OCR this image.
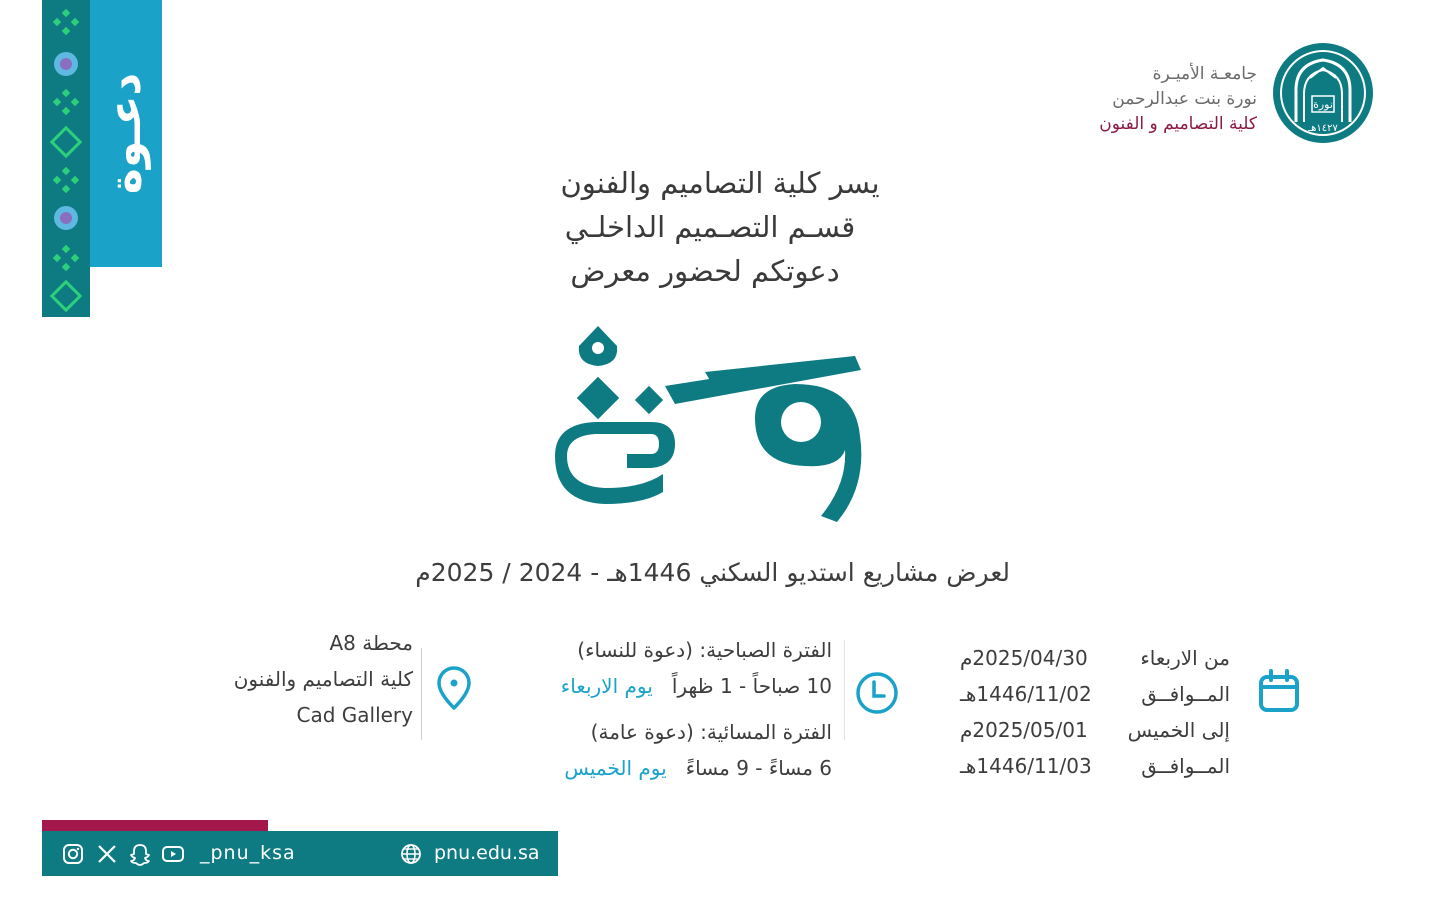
دعـوة	جامعـة الأميـرة
نورة بنت عبدالرحمن
كلية التصاميم و الفنون
نورة
١٤٢٧هـ
يسر كلية التصاميم والفنون
قسـم التصـميم الداخلـي
دعوتكم لحضور معرض
لعرض مشاريع استديو السكني 1446هـ - 2024 / 2025م
من الاربعاء
2025/04/30م
المــوافــق
1446/11/02هـ
إلى الخميس
2025/05/01م
المــوافــق
1446/11/03هـ
الفترة الصباحية: (دعوة للنساء)
10 صباحاً - 1 ظهراً   يوم الاربعاء
الفترة المسائية: (دعوة عامة)
6 مساءً - 9 مساءً   يوم الخميس
محطة A8
كلية التصاميم والفنون
Cad Gallery
_pnu_ksa	pnu.edu.sa
